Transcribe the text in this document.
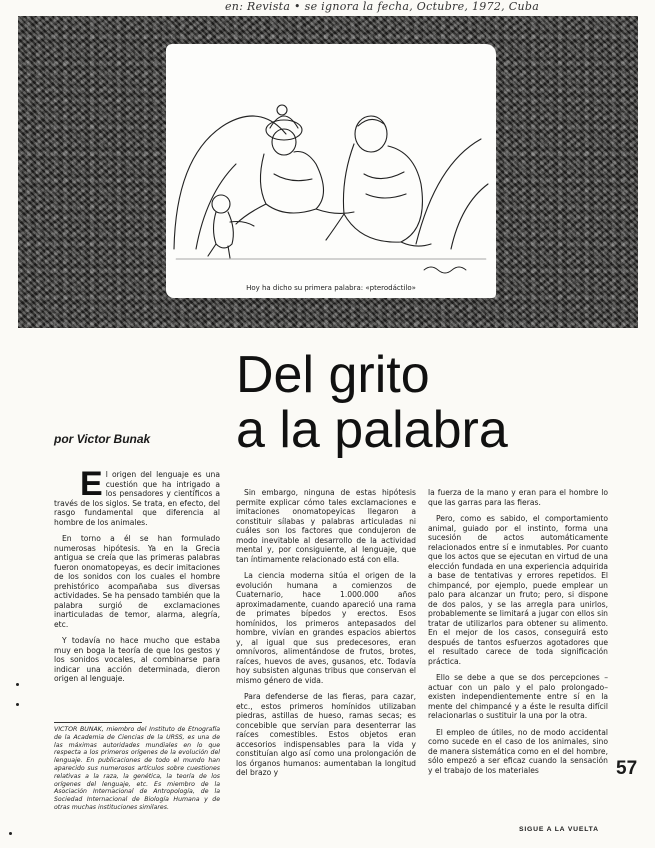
en: Revista • se ignora la fecha, Octubre, 1972, Cuba
Hoy ha dicho su primera palabra: «pterodáctilo»
Del grito
a la palabra
por Victor Bunak

El origen del lenguaje es una cuestión que ha intrigado a los pensadores y científicos a través de los siglos. Se trata, en efecto, del rasgo fundamental que diferencia al hombre de los animales.

En torno a él se han formulado numerosas hipótesis. Ya en la Grecia antigua se creía que las primeras palabras fueron onomatopeyas, es decir imitaciones de los sonidos con los cuales el hombre prehistórico acompañaba sus diversas actividades. Se ha pensado también que la palabra surgió de exclamaciones inarticuladas de temor, alarma, alegría, etc.

Y todavía no hace mucho que estaba muy en boga la teoría de que los gestos y los sonidos vocales, al combinarse para indicar una acción determinada, dieron origen al lenguaje.

VICTOR BUNAK, miembro del Instituto de Etnografía de la Academia de Ciencias de la URSS, es una de las máximas autoridades mundiales en lo que respecta a los primeros orígenes de la evolución del lenguaje. En publicaciones de todo el mundo han aparecido sus numerosos artículos sobre cuestiones relativas a la raza, la genética, la teoría de los orígenes del lenguaje, etc. Es miembro de la Asociación Internacional de Antropología, de la Sociedad Internacional de Biología Humana y de otras muchas instituciones similares.

Sin embargo, ninguna de estas hipótesis permite explicar cómo tales exclamaciones e imitaciones onomatopeyicas llegaron a constituir sílabas y palabras articuladas ni cuáles son los factores que condujeron de modo inevitable al desarrollo de la actividad mental y, por consiguiente, al lenguaje, que tan íntimamente relacionado está con ella.

La ciencia moderna sitúa el origen de la evolución humana a comienzos de Cuaternario, hace 1.000.000 años aproximadamente, cuando apareció una rama de primates bípedos y erectos. Esos homínidos, los primeros antepasados del hombre, vivían en grandes espacios abiertos y, al igual que sus predecesores, eran omnívoros, alimentándose de frutos, brotes, raíces, huevos de aves, gusanos, etc. Todavía hoy subsisten algunas tribus que conservan el mismo género de vida.

Para defenderse de las fieras, para cazar, etc., estos primeros homínidos utilizaban piedras, astillas de hueso, ramas secas; es concebible que servían para desenterrar las raíces comestibles. Estos objetos eran accesorios indispensables para la vida y constituían algo así como una prolongación de los órganos humanos: aumentaban la longitud del brazo y

la fuerza de la mano y eran para el hombre lo que las garras para las fieras.

Pero, como es sabido, el comportamiento animal, guiado por el instinto, forma una sucesión de actos automáticamente relacionados entre sí e inmutables. Por cuanto que los actos que se ejecutan en virtud de una elección fundada en una experiencia adquirida a base de tentativas y errores repetidos. El chimpancé, por ejemplo, puede emplear un palo para alcanzar un fruto; pero, si dispone de dos palos, y se las arregla para unirlos, probablemente se limitará a jugar con ellos sin tratar de utilizarlos para obtener su alimento. En el mejor de los casos, conseguirá esto después de tantos esfuerzos agotadores que el resultado carece de toda significación práctica.

Ello se debe a que se dos percepciones –actuar con un palo y el palo prolongado– existen independientemente entre sí en la mente del chimpancé y a éste le resulta difícil relacionarlas o sustituir la una por la otra.

El empleo de útiles, no de modo accidental como sucede en el caso de los animales, sino de manera sistemática como en el del hombre, sólo empezó a ser eficaz cuando la sensación y el trabajo de los materiales	57
SIGUE A LA VUELTA
